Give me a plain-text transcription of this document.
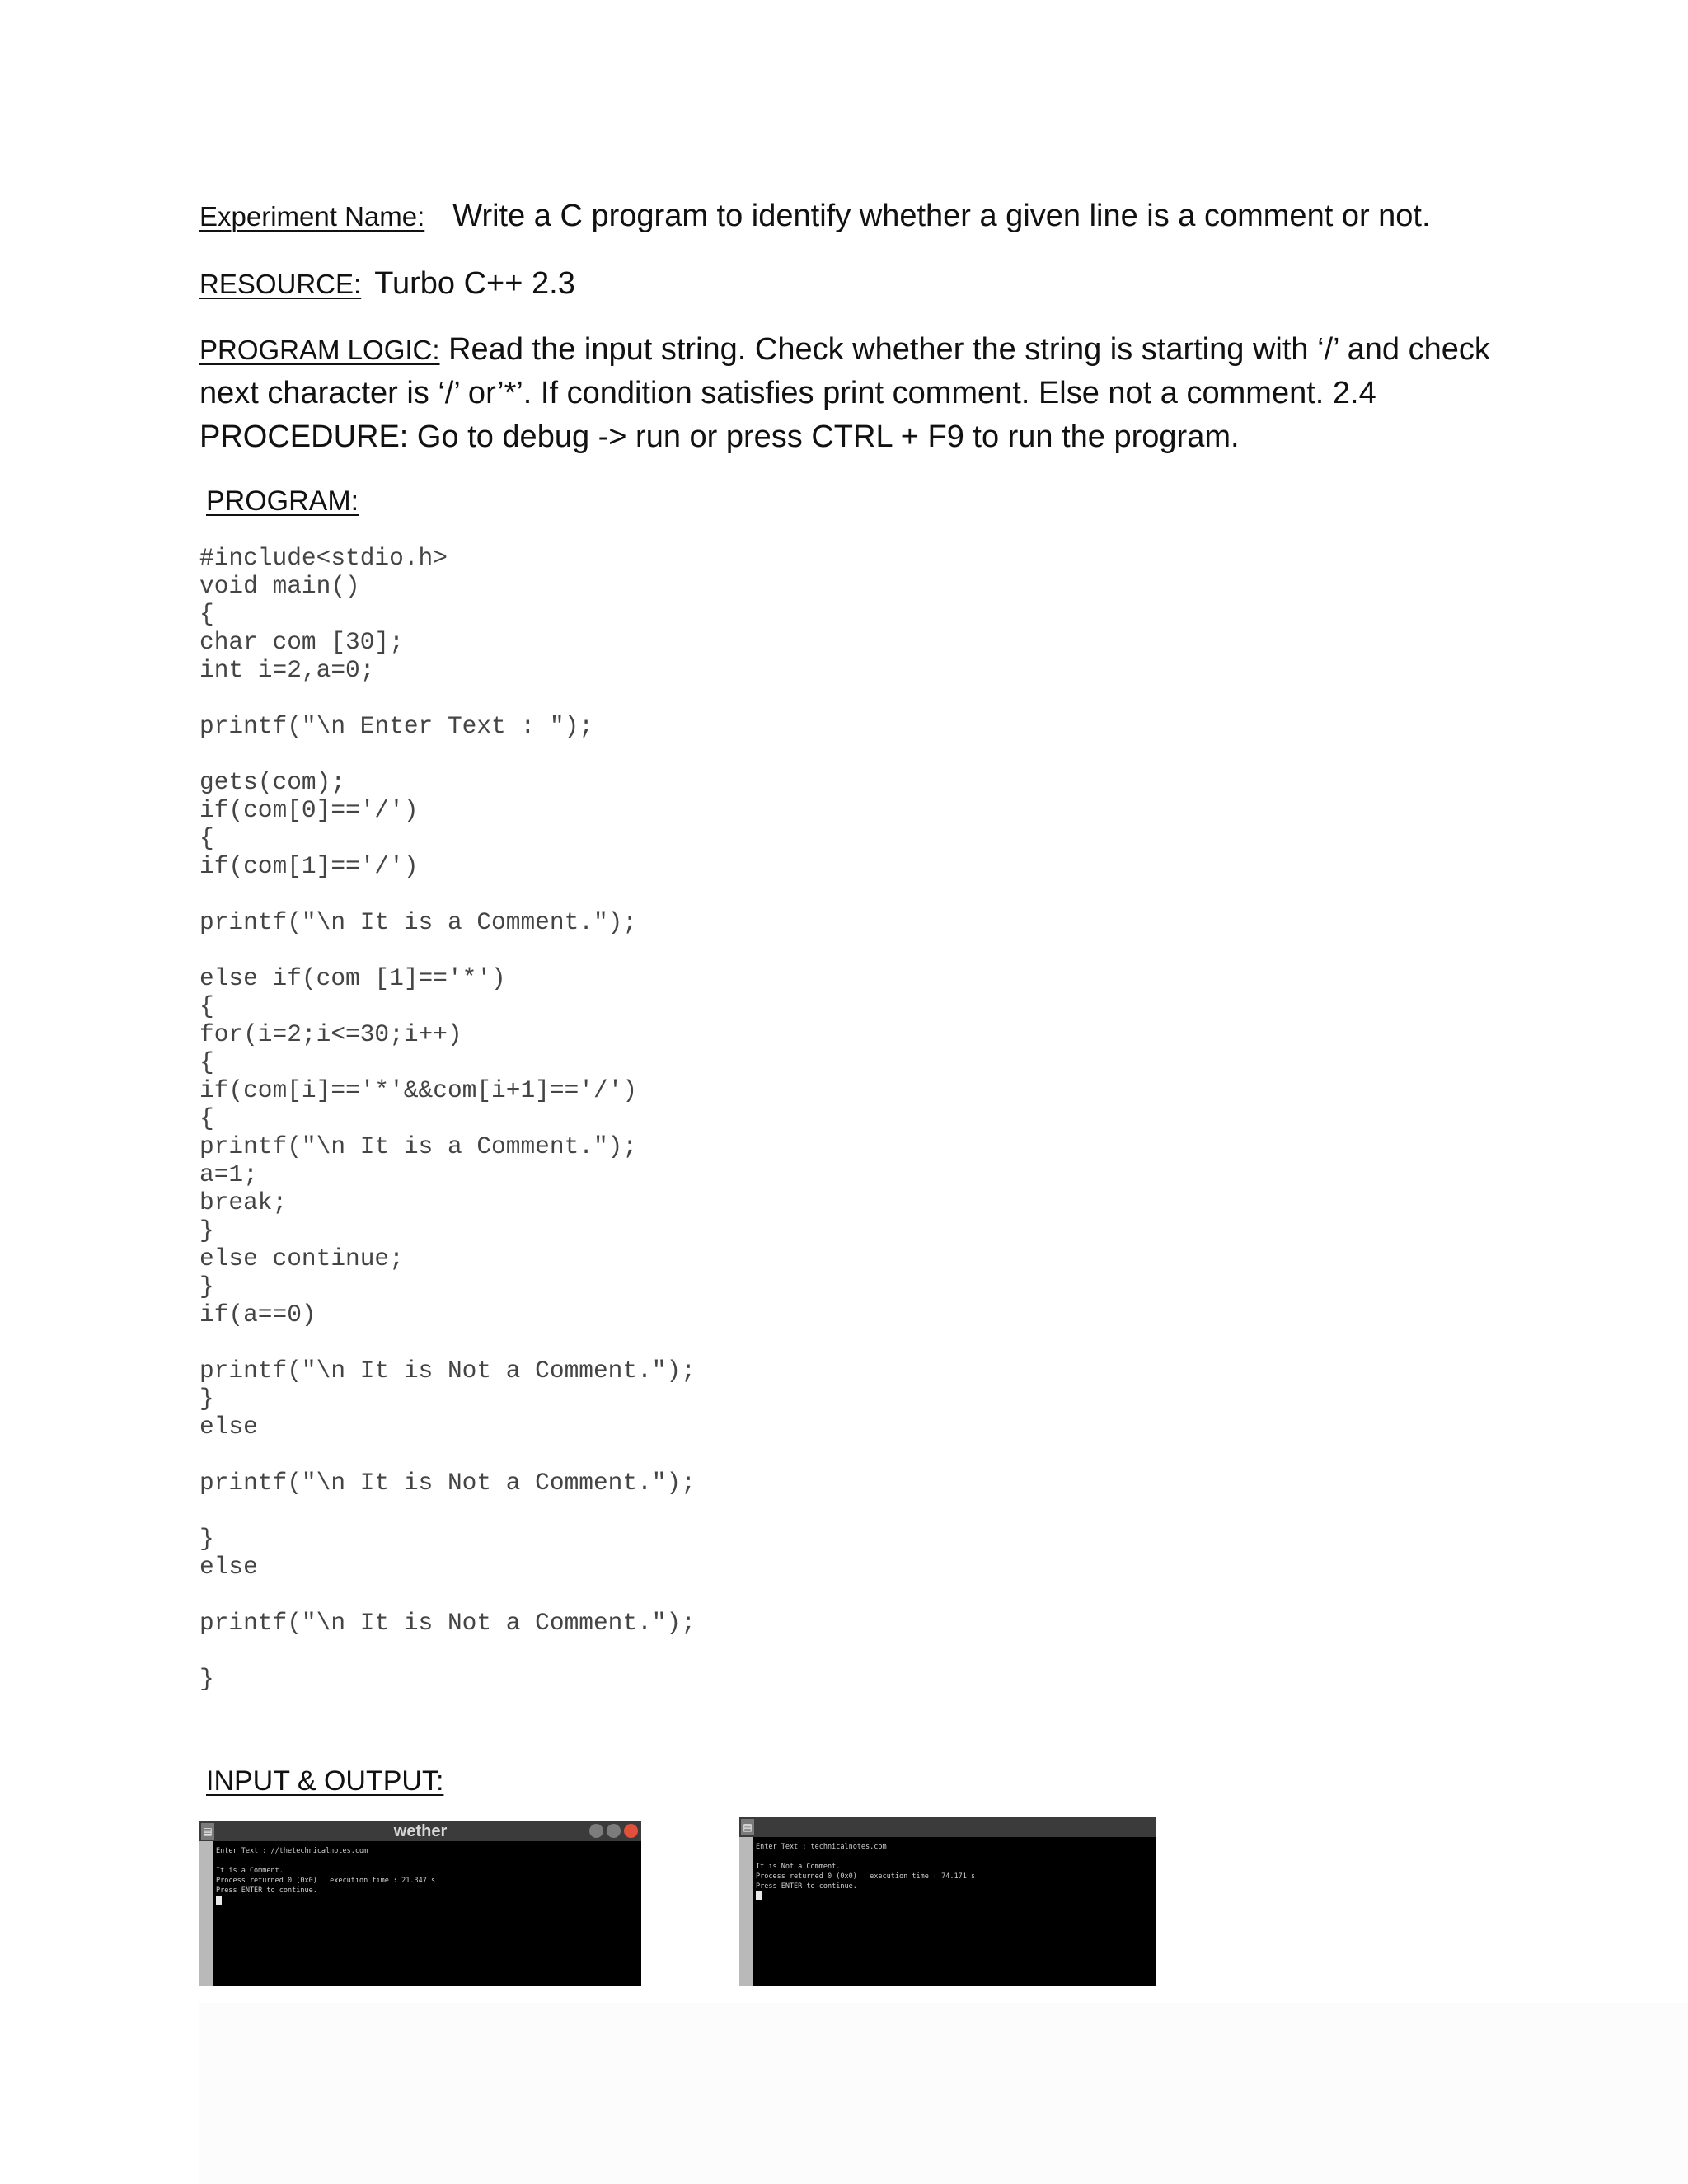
Experiment Name: Write a C program to identify whether a given line is a comment or not.
RESOURCE: Turbo C++ 2.3

PROGRAM LOGIC: Read the input string. Check whether the string is starting with ‘/’ and check

next character is ‘/’ or’*’. If condition satisfies print comment. Else not a comment. 2.4

PROCEDURE: Go to debug -> run or press CTRL + F9 to run the program.

PROGRAM:
#include<stdio.h>
void main()
{
char com [30];
int i=2,a=0;
printf("\n Enter Text : ");
gets(com);
if(com[0]=='/')
{
if(com[1]=='/')
printf("\n It is a Comment.");
else if(com [1]=='*')
{
for(i=2;i<=30;i++)
{
if(com[i]=='*'&&com[i+1]=='/')
{
printf("\n It is a Comment.");
a=1;
break;
}
else continue;
}
if(a==0)
printf("\n It is Not a Comment.");
}
else
printf("\n It is Not a Comment.");
}
else
printf("\n It is Not a Comment.");
}
INPUT & OUTPUT:
▤	wether
Enter Text : //thetechnicalnotes.com
It is a Comment.
Process returned 0 (0x0)   execution time : 21.347 s
Press ENTER to continue.
▤
Enter Text : technicalnotes.com
It is Not a Comment.
Process returned 0 (0x0)   execution time : 74.171 s
Press ENTER to continue.
